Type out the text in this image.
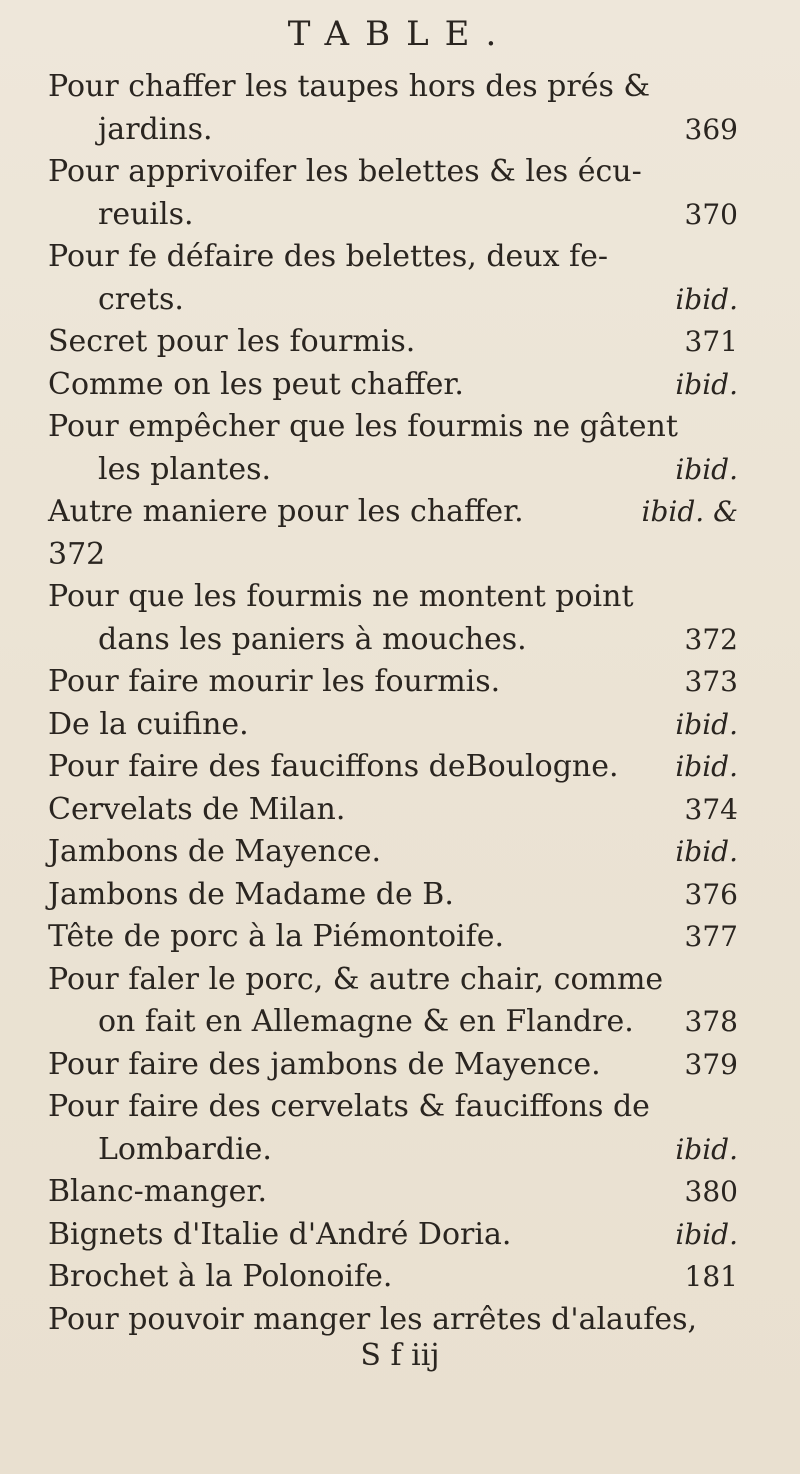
TABLE.
Pour chaffer les taupes hors des prés &
jardins.	369
Pour apprivoifer les belettes & les écu-
reuils.	370
Pour fe défaire des belettes, deux fe-
crets.	ibid.
Secret pour les fourmis.	371
Comme on les peut chaffer.	ibid.
Pour empêcher que les fourmis ne gâtent
les plantes.	ibid.
Autre maniere pour les chaffer.	ibid. &
372
Pour que les fourmis ne montent point
dans les paniers à mouches.	372
Pour faire mourir les fourmis.	373
De la cuifine.	ibid.
Pour faire des fauciffons deBoulogne. ibid.
Cervelats de Milan.	374
Jambons de Mayence.	ibid.
Jambons de Madame de B.	376
Tête de porc à la Piémontoife.	377
Pour faler le porc, & autre chair, comme
on fait en Allemagne & en Flandre. 378
Pour faire des jambons de Mayence.	379
Pour faire des cervelats & fauciffons de
Lombardie.	ibid.
Blanc-manger.	380
Bignets d'Italie d'André Doria.	ibid.
Brochet à la Polonoife.	181
Pour pouvoir manger les arrêtes d'alaufes,
S f iij
